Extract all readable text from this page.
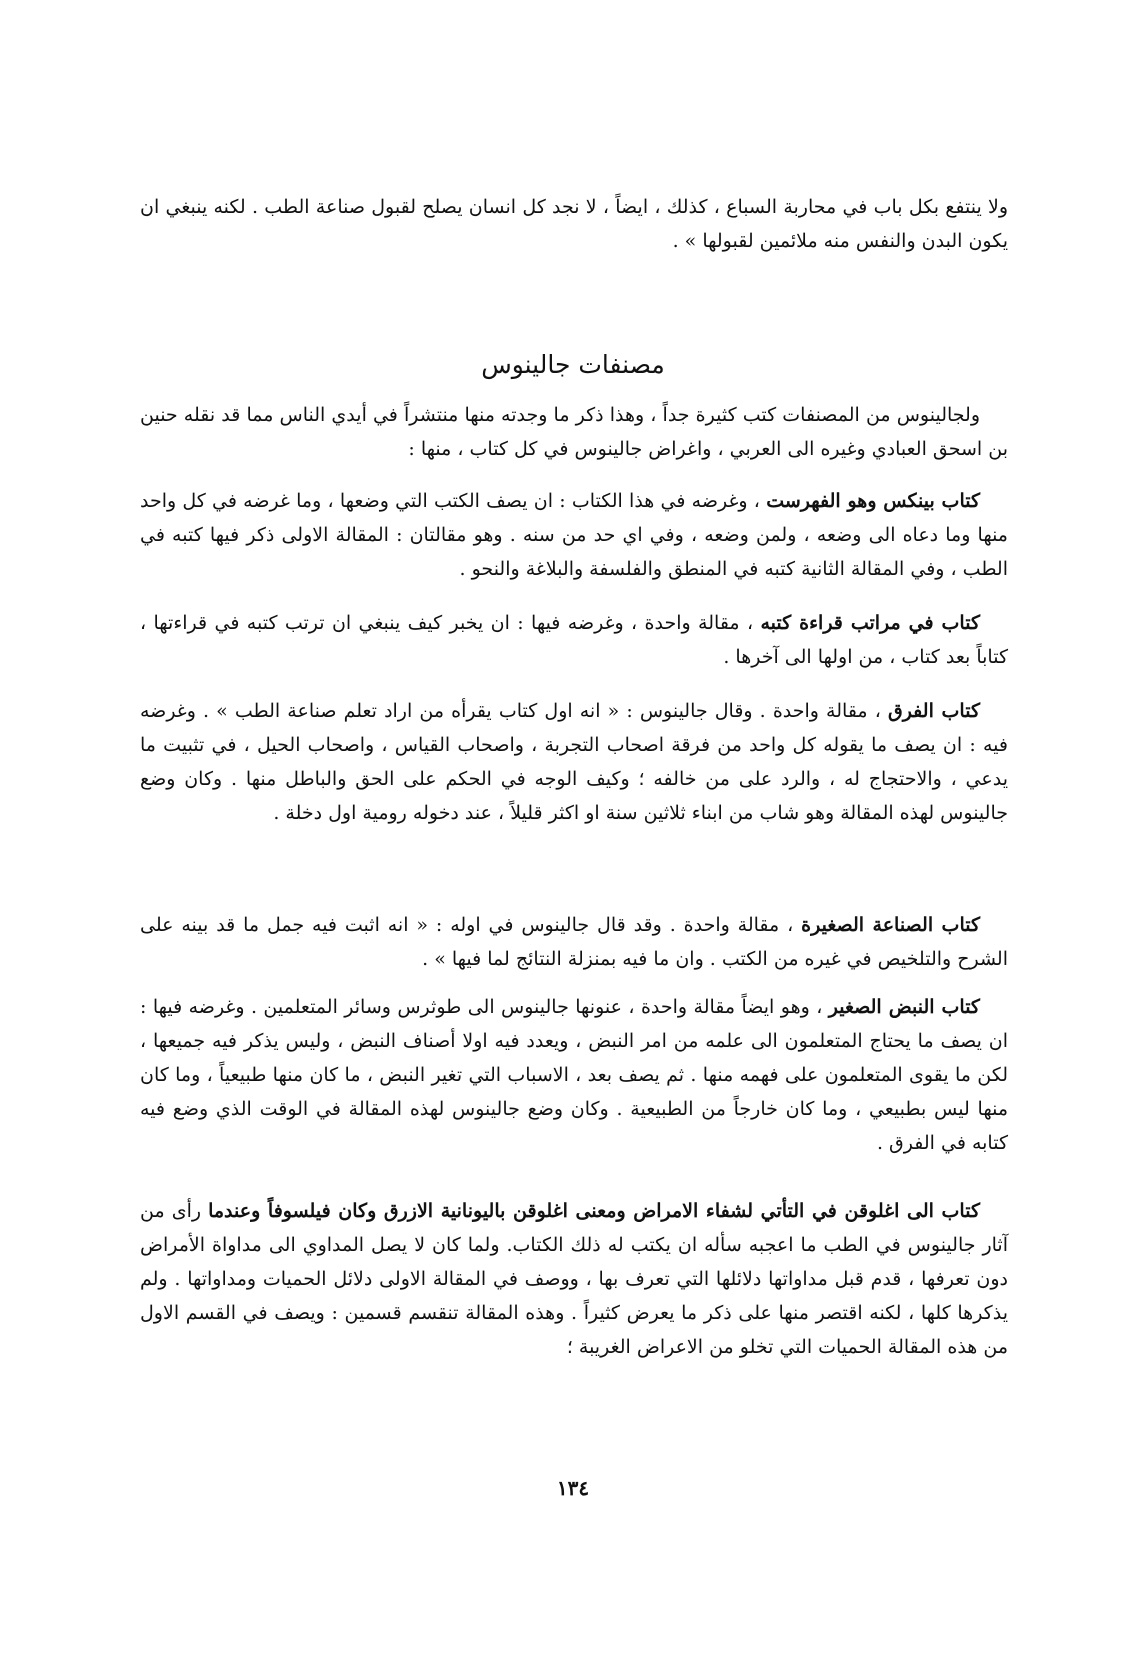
ولا ينتفع بكل باب في محاربة السباع ، كذلك ، ايضاً ، لا نجد كل انسان يصلح لقبول صناعة الطب . لكنه ينبغي ان يكون البدن والنفس منه ملائمين لقبولها » .

مصنفات جالينوس

ولجالينوس من المصنفات كتب كثيرة جداً ، وهذا ذكر ما وجدته منها منتشراً في أيدي الناس مما قد نقله حنين بن اسحق العبادي وغيره الى العربي ، واغراض جالينوس في كل كتاب ، منها :

كتاب بينكس وهو الفهرست ، وغرضه في هذا الكتاب : ان يصف الكتب التي وضعها ، وما غرضه في كل واحد منها وما دعاه الى وضعه ، ولمن وضعه ، وفي اي حد من سنه . وهو مقالتان : المقالة الاولى ذكر فيها كتبه في الطب ، وفي المقالة الثانية كتبه في المنطق والفلسفة والبلاغة والنحو .

كتاب في مراتب قراءة كتبه ، مقالة واحدة ، وغرضه فيها : ان يخبر كيف ينبغي ان ترتب كتبه في قراءتها ، كتاباً بعد كتاب ، من اولها الى آخرها .

كتاب الفرق ، مقالة واحدة . وقال جالينوس : « انه اول كتاب يقرأه من اراد تعلم صناعة الطب » . وغرضه فيه : ان يصف ما يقوله كل واحد من فرقة اصحاب التجربة ، واصحاب القياس ، واصحاب الحيل ، في تثبيت ما يدعي ، والاحتجاج له ، والرد على من خالفه ؛ وكيف الوجه في الحكم على الحق والباطل منها . وكان وضع جالينوس لهذه المقالة وهو شاب من ابناء ثلاثين سنة او اكثر قليلاً ، عند دخوله رومية اول دخلة .

كتاب الصناعة الصغيرة ، مقالة واحدة . وقد قال جالينوس في اوله : « انه اثبت فيه جمل ما قد بينه على الشرح والتلخيص في غيره من الكتب . وان ما فيه بمنزلة النتائج لما فيها » .

كتاب النبض الصغير ، وهو ايضاً مقالة واحدة ، عنونها جالينوس الى طوثرس وسائر المتعلمين . وغرضه فيها : ان يصف ما يحتاج المتعلمون الى علمه من امر النبض ، ويعدد فيه اولا أصناف النبض ، وليس يذكر فيه جميعها ، لكن ما يقوى المتعلمون على فهمه منها . ثم يصف بعد ، الاسباب التي تغير النبض ، ما كان منها طبيعياً ، وما كان منها ليس بطبيعي ، وما كان خارجاً من الطبيعية . وكان وضع جالينوس لهذه المقالة في الوقت الذي وضع فيه كتابه في الفرق .

كتاب الى اغلوقن في التأتي لشفاء الامراض ومعنى اغلوقن باليونانية الازرق وكان فيلسوفاً وعندما رأى من آثار جالينوس في الطب ما اعجبه سأله ان يكتب له ذلك الكتاب. ولما كان لا يصل المداوي الى مداواة الأمراض دون تعرفها ، قدم قبل مداواتها دلائلها التي تعرف بها ، ووصف في المقالة الاولى دلائل الحميات ومداواتها . ولم يذكرها كلها ، لكنه اقتصر منها على ذكر ما يعرض كثيراً . وهذه المقالة تنقسم قسمين : ويصف في القسم الاول من هذه المقالة الحميات التي تخلو من الاعراض الغريبة ؛

١٣٤
